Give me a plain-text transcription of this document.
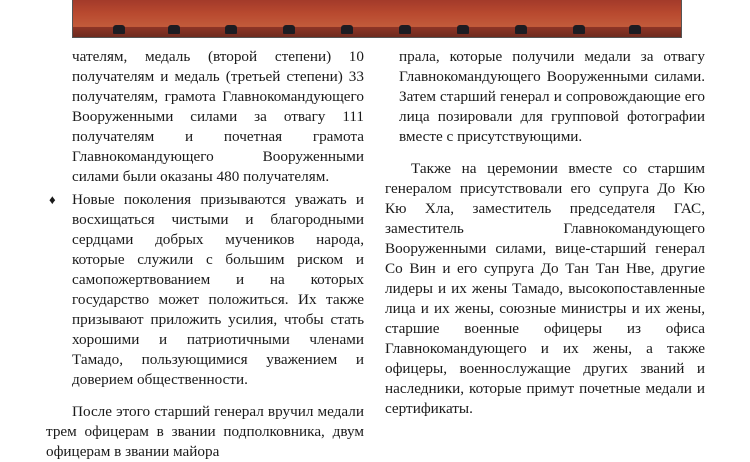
чателям, медаль (второй степени) 10 получателям и медаль (третьей степени) 33 получателям, грамота Главнокомандующего Вооруженными силами за отвагу 111 получателям и почетная грамота Главнокомандующего Вооруженными силами были оказаны 480 получателям.

♦ Новые поколения призываются уважать и восхищаться чистыми и благородными сердцами добрых мучеников народа, которые служили с большим риском и самопожертвованием и на которых государство может положиться. Их также призывают приложить усилия, чтобы стать хорошими и патриотичными членами Тамадо, пользующимися уважением и доверием общественности.

После этого старший генерал вручил медали трем офицерам в звании подполковника, двум офицерам в звании майора

прала, которые получили медали за отвагу Главнокомандующего Вооруженными силами. Затем старший генерал и сопровождающие его лица позировали для групповой фотографии вместе с присутствующими.

Также на церемонии вместе со старшим генералом присутствовали его супруга До Кю Кю Хла, заместитель председателя ГАС, заместитель Главнокомандующего Вооруженными силами, вице-старший генерал Со Вин и его супруга До Тан Тан Нве, другие лидеры и их жены Тамадо, высокопоставленные лица и их жены, союзные министры и их жены, старшие военные офицеры из офиса Главнокомандующего и их жены, а также офицеры, военнослужащие других званий и наследники, которые примут почетные медали и сертификаты.
